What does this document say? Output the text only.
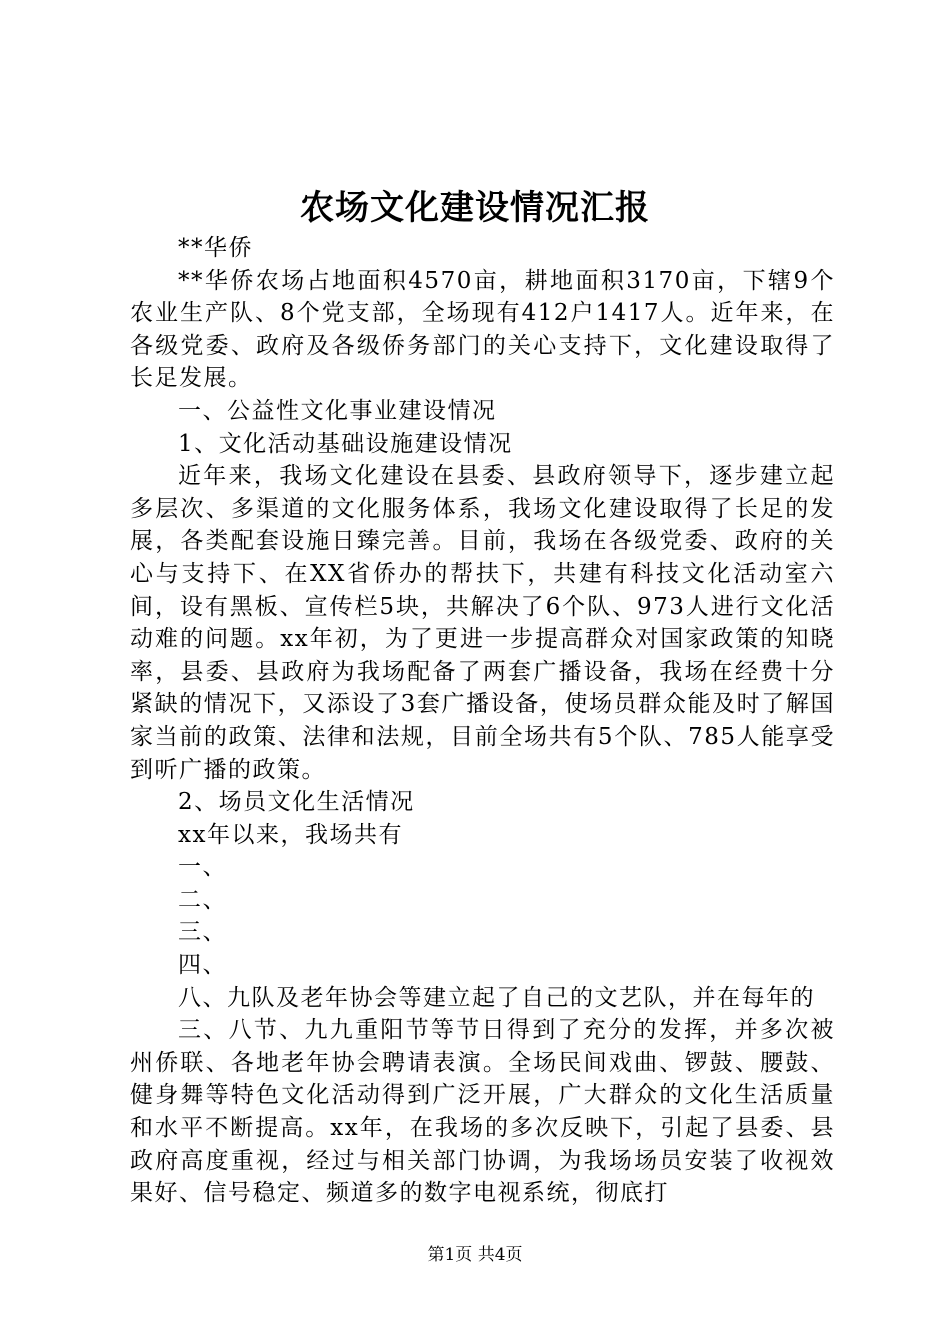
农场文化建设情况汇报

**华侨

**华侨农场占地面积4570亩，耕地面积3170亩，下辖9个农业生产队、8个党支部，全场现有412户1417人。近年来，在各级党委、政府及各级侨务部门的关心支持下，文化建设取得了长足发展。

一、公益性文化事业建设情况

1、文化活动基础设施建设情况

近年来，我场文化建设在县委、县政府领导下，逐步建立起多层次、多渠道的文化服务体系，我场文化建设取得了长足的发展，各类配套设施日臻完善。目前，我场在各级党委、政府的关心与支持下、在XX省侨办的帮扶下，共建有科技文化活动室六间，设有黑板、宣传栏5块，共解决了6个队、973人进行文化活动难的问题。xx年初，为了更进一步提高群众对国家政策的知晓率，县委、县政府为我场配备了两套广播设备，我场在经费十分紧缺的情况下，又添设了3套广播设备，使场员群众能及时了解国家当前的政策、法律和法规，目前全场共有5个队、785人能享受到听广播的政策。

2、场员文化生活情况

xx年以来，我场共有

一、

二、

三、

四、

八、九队及老年协会等建立起了自己的文艺队，并在每年的

三、八节、九九重阳节等节日得到了充分的发挥，并多次被州侨联、各地老年协会聘请表演。全场民间戏曲、锣鼓、腰鼓、健身舞等特色文化活动得到广泛开展，广大群众的文化生活质量和水平不断提高。xx年，在我场的多次反映下，引起了县委、县政府高度重视，经过与相关部门协调，为我场场员安装了收视效果好、信号稳定、频道多的数字电视系统，彻底打

第1页 共4页
